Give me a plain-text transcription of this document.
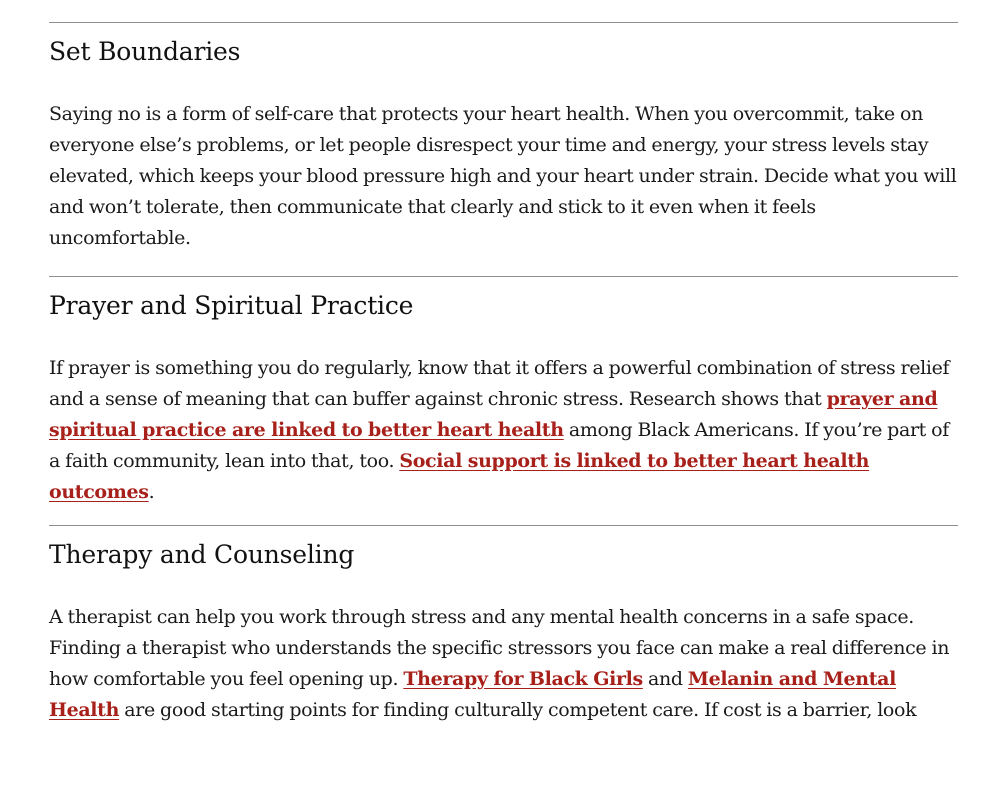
Set Boundaries

Saying no is a form of self-care that protects your heart health. When you overcommit, take on everyone else’s problems, or let people disrespect your time and energy, your stress levels stay elevated, which keeps your blood pressure high and your heart under strain. Decide what you will and won’t tolerate, then communicate that clearly and stick to it even when it feels uncomfortable.

Prayer and Spiritual Practice

If prayer is something you do regularly, know that it offers a powerful combination of stress relief and a sense of meaning that can buffer against chronic stress. Research shows that prayer and spiritual practice are linked to better heart health among Black Americans. If you’re part of a faith community, lean into that, too. Social support is linked to better heart health outcomes.

Therapy and Counseling

A therapist can help you work through stress and any mental health concerns in a safe space. Finding a therapist who understands the specific stressors you face can make a real difference in how comfortable you feel opening up. Therapy for Black Girls and Melanin and Mental Health are good starting points for finding culturally competent care. If cost is a barrier, look
